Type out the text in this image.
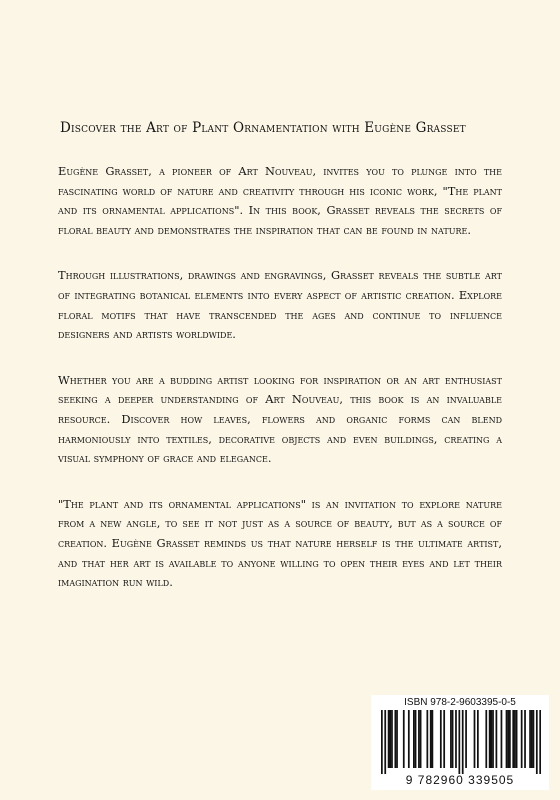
Discover the Art of Plant Ornamentation with Eugène Grasset

Eugène Grasset, a pioneer of Art Nouveau, invites you to plunge into the fascinating world of nature and creativity through his iconic work, "The plant and its ornamental applications". In this book, Grasset reveals the secrets of floral beauty and demonstrates the inspiration that can be found in nature.

Through illustrations, drawings and engravings, Grasset reveals the subtle art of integrating botanical elements into every aspect of artistic creation. Explore floral motifs that have transcended the ages and continue to influence designers and artists worldwide.

Whether you are a budding artist looking for inspiration or an art enthusiast seeking a deeper understanding of Art Nouveau, this book is an invaluable resource. Discover how leaves, flowers and organic forms can blend harmoniously into textiles, decorative objects and even buildings, creating a visual symphony of grace and elegance.

"The plant and its ornamental applications" is an invitation to explore nature from a new angle, to see it not just as a source of beauty, but as a source of creation. Eugène Grasset reminds us that nature herself is the ultimate artist, and that her art is available to anyone willing to open their eyes and let their imagination run wild.

ISBN 978-2-9603395-0-5
9 782960 339505
